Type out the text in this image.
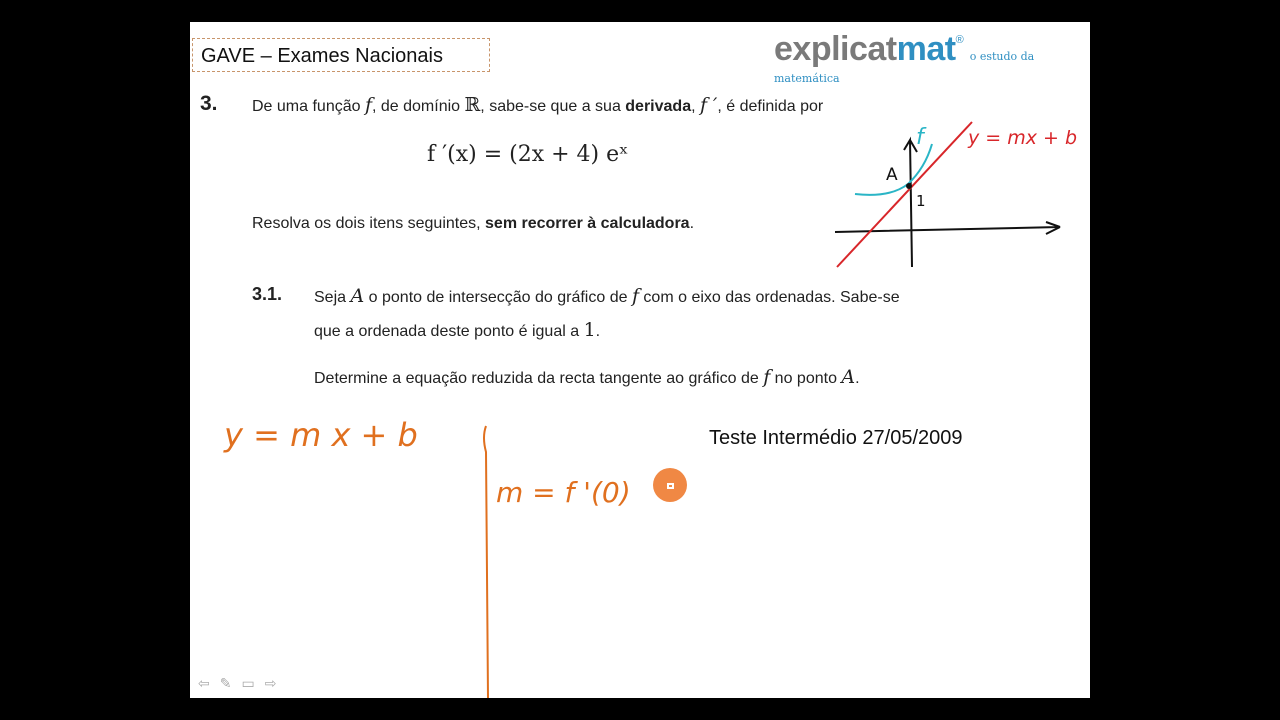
GAVE – Exames Nacionais	explicatmat®o estudo da matemática
3. De uma função f, de domínio ℝ, sabe-se que a sua derivada, f ′, é definida por
f ′(x) = (2x + 4) eˣ
Resolva os dois itens seguintes, sem recorrer à calculadora.
3.1. Seja A o ponto de intersecção do gráfico de f com o eixo das ordenadas. Sabe-se
que a ordenada deste ponto é igual a 1.
Determine a equação reduzida da recta tangente ao gráfico de f no ponto A.
Teste Intermédio 27/05/2009
f y = mx + b
A
1
y = m x + b
m = f '(0)
⇦ ✎ ▭ ⇨
